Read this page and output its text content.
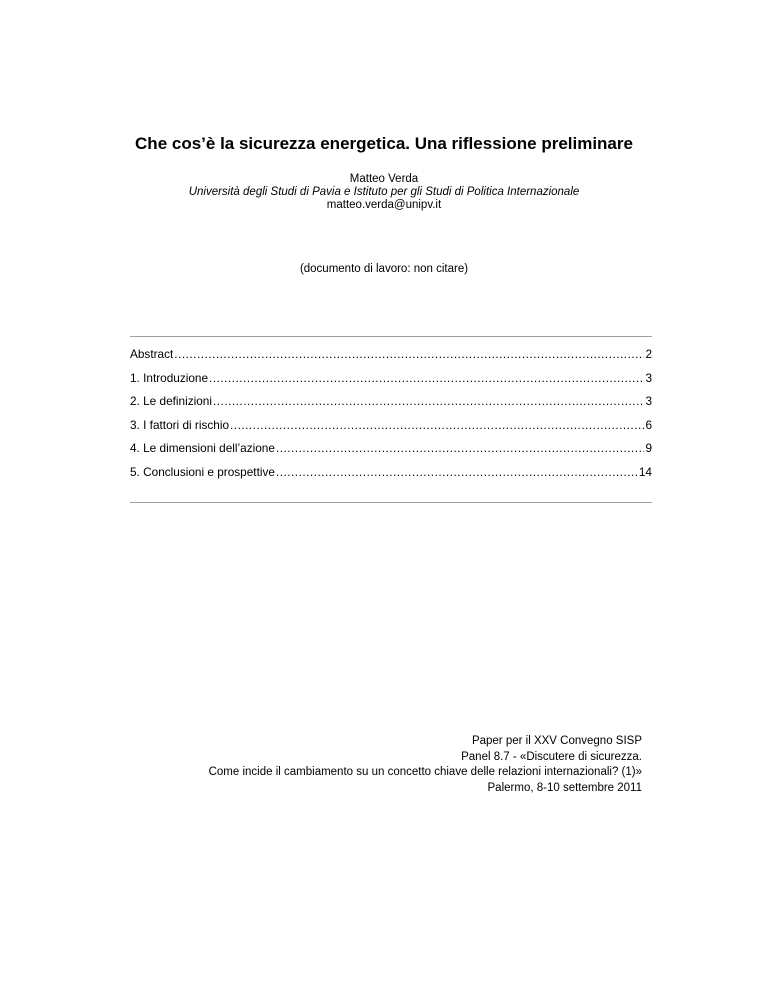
Che cos’è la sicurezza energetica. Una riflessione preliminare
Matteo Verda
Università degli Studi di Pavia e Istituto per gli Studi di Politica Internazionale
matteo.verda@unipv.it
(documento di lavoro: non citare)
Abstract .....	2
1. Introduzione .....	3
2. Le definizioni .....	3
3. I fattori di rischio .....	6
4. Le dimensioni dell’azione .....	9
5. Conclusioni e prospettive .....	14
Paper per il XXV Convegno SISP
Panel 8.7 - «Discutere di sicurezza.
Come incide il cambiamento su un concetto chiave delle relazioni internazionali? (1)»
Palermo, 8-10 settembre 2011
